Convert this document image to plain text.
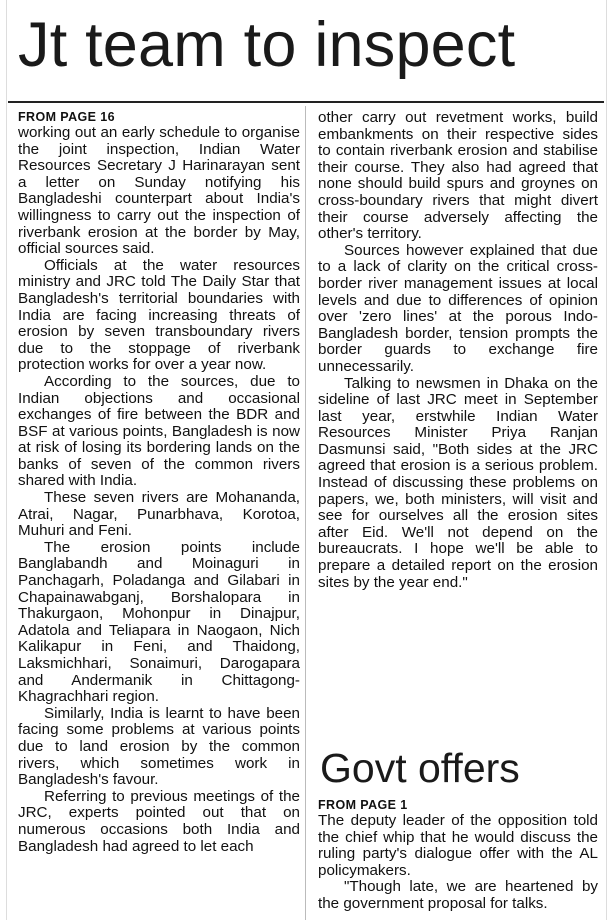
Jt team to inspect
FROM PAGE 16

working out an early schedule to organise the joint inspection, Indian Water Resources Secretary J Harinarayan sent a letter on Sunday notifying his Bangladeshi counterpart about India's willingness to carry out the inspection of riverbank erosion at the border by May, official sources said.

Officials at the water resources ministry and JRC told The Daily Star that Bangladesh's territorial boundaries with India are facing increasing threats of erosion by seven transboundary rivers due to the stoppage of riverbank protection works for over a year now.

According to the sources, due to Indian objections and occasional exchanges of fire between the BDR and BSF at various points, Bangladesh is now at risk of losing its bordering lands on the banks of seven of the common rivers shared with India.

These seven rivers are Mohananda, Atrai, Nagar, Punarbhava, Korotoa, Muhuri and Feni.

The erosion points include Banglabandh and Moinaguri in Panchagarh, Poladanga and Gilabari in Chapainawabganj, Borshalopara in Thakurgaon, Mohonpur in Dinajpur, Adatola and Teliapara in Naogaon, Nich Kalikapur in Feni, and Thaidong, Laksmichhari, Sonaimuri, Darogapara and Andermanik in Chittagong-Khagrachhari region.

Similarly, India is learnt to have been facing some problems at various points due to land erosion by the common rivers, which sometimes work in Bangladesh's favour.

Referring to previous meetings of the JRC, experts pointed out that on numerous occasions both India and Bangladesh had agreed to let each

other carry out revetment works, build embankments on their respective sides to contain riverbank erosion and stabilise their course. They also had agreed that none should build spurs and groynes on cross-boundary rivers that might divert their course adversely affecting the other's territory.

Sources however explained that due to a lack of clarity on the critical cross-border river management issues at local levels and due to differences of opinion over 'zero lines' at the porous Indo-Bangladesh border, tension prompts the border guards to exchange fire unnecessarily.

Talking to newsmen in Dhaka on the sideline of last JRC meet in September last year, erstwhile Indian Water Resources Minister Priya Ranjan Dasmunsi said, "Both sides at the JRC agreed that erosion is a serious problem. Instead of discussing these problems on papers, we, both ministers, will visit and see for ourselves all the erosion sites after Eid. We'll not depend on the bureaucrats. I hope we'll be able to prepare a detailed report on the erosion sites by the year end."

Govt offers
FROM PAGE 1

The deputy leader of the opposition told the chief whip that he would discuss the ruling party's dialogue offer with the AL policymakers.

"Though late, we are heartened by the government proposal for talks.
